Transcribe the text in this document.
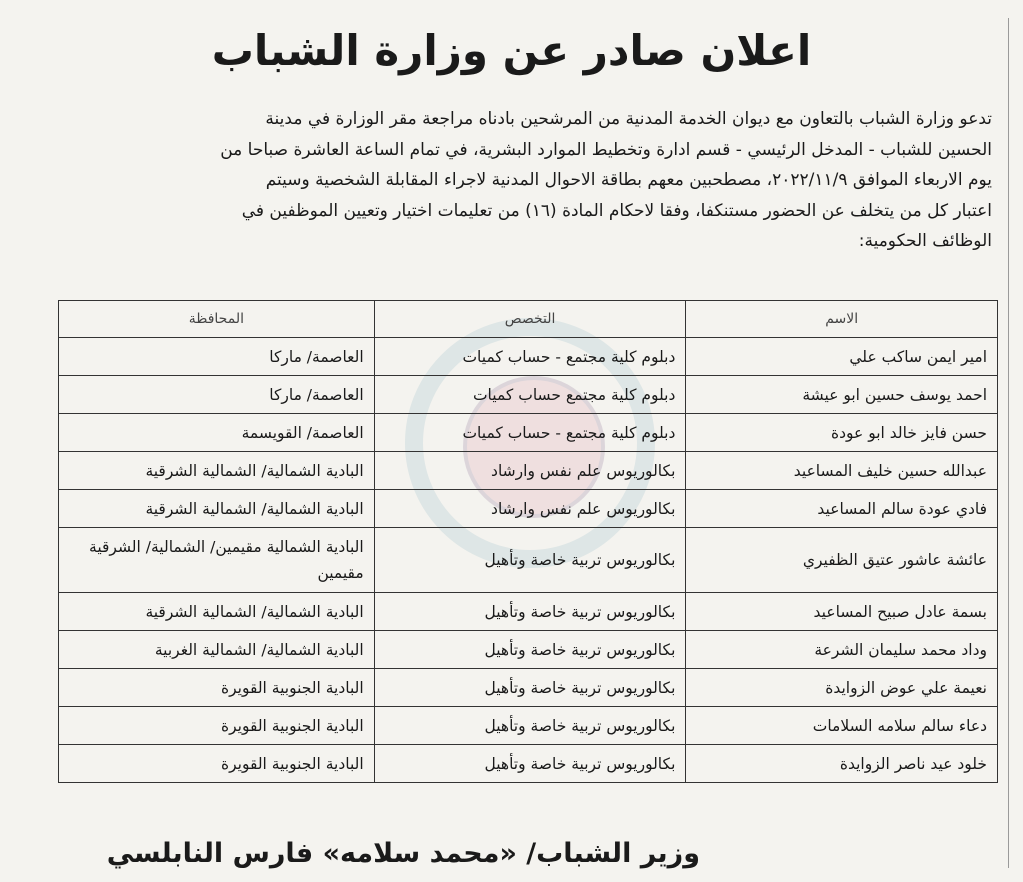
اعلان صادر عن وزارة الشباب

تدعو وزارة الشباب بالتعاون مع ديوان الخدمة المدنية من المرشحين بادناه مراجعة مقر الوزارة في مدينة

الحسين للشباب - المدخل الرئيسي - قسم ادارة وتخطيط الموارد البشرية، في تمام الساعة العاشرة صباحا من

يوم الاربعاء الموافق ٢٠٢٢/١١/٩، مصطحبين معهم بطاقة الاحوال المدنية لاجراء المقابلة الشخصية وسيتم

اعتبار كل من يتخلف عن الحضور مستنكفا، وفقا لاحكام المادة (١٦) من تعليمات اختيار وتعيين الموظفين في

الوظائف الحكومية:

الاسم	التخصص	المحافظة
امير ايمن ساكب علي	دبلوم كلية مجتمع - حساب كميات	العاصمة/ ماركا
احمد يوسف حسين ابو عيشة	دبلوم كلية مجتمع حساب كميات	العاصمة/ ماركا
حسن فايز خالد ابو عودة	دبلوم كلية مجتمع - حساب كميات	العاصمة/ القويسمة
عبدالله حسين خليف المساعيد	بكالوريوس علم نفس وارشاد	البادية الشمالية/ الشمالية الشرقية
فادي عودة سالم المساعيد	بكالوريوس علم نفس وارشاد	البادية الشمالية/ الشمالية الشرقية
عائشة عاشور عتيق الظفيري	بكالوريوس تربية خاصة وتأهيل	البادية الشمالية مقيمين/ الشمالية/ الشرقية مقيمين
بسمة عادل صبيح المساعيد	بكالوريوس تربية خاصة وتأهيل	البادية الشمالية/ الشمالية الشرقية
وداد محمد سليمان الشرعة	بكالوريوس تربية خاصة وتأهيل	البادية الشمالية/ الشمالية الغربية
نعيمة علي عوض الزوايدة	بكالوريوس تربية خاصة وتأهيل	البادية الجنوبية القويرة
دعاء سالم سلامه السلامات	بكالوريوس تربية خاصة وتأهيل	البادية الجنوبية القويرة
خلود عيد ناصر الزوايدة	بكالوريوس تربية خاصة وتأهيل	البادية الجنوبية القويرة
وزير الشباب/ «محمد سلامه» فارس النابلسي
